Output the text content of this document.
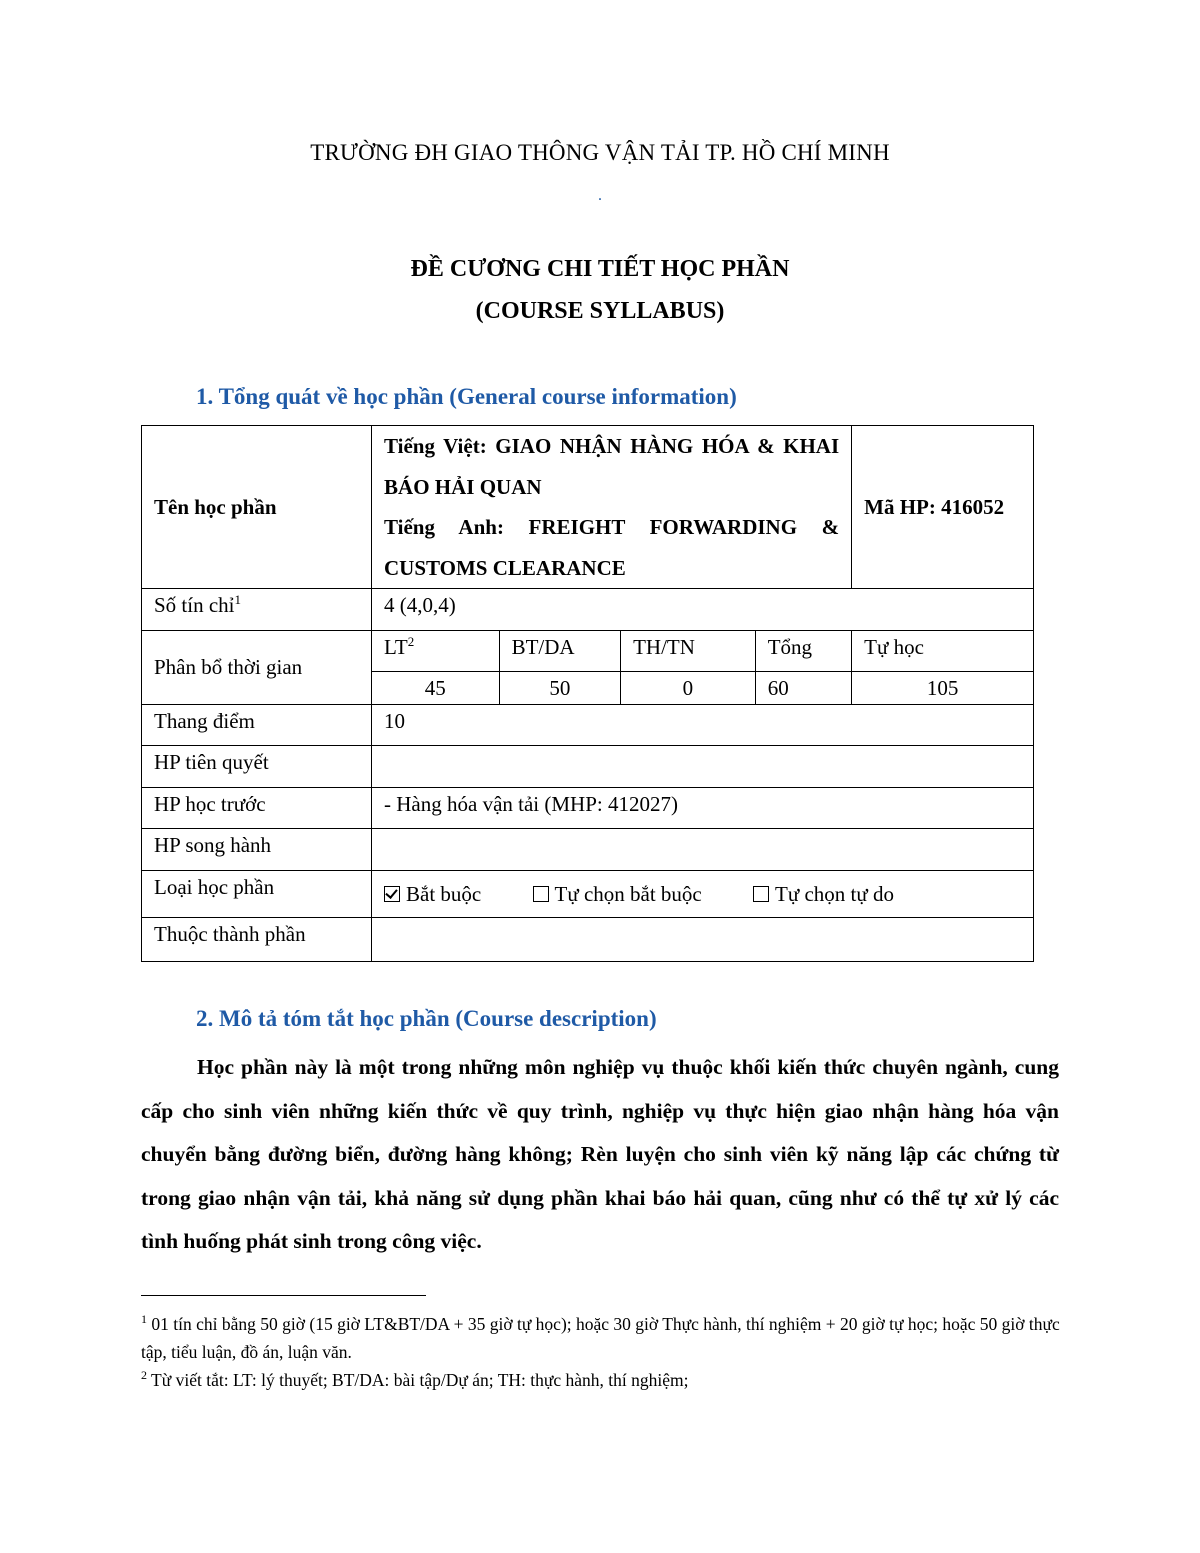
TRƯỜNG ĐH GIAO THÔNG VẬN TẢI TP. HỒ CHÍ MINH
.
ĐỀ CƯƠNG CHI TIẾT HỌC PHẦN
(COURSE SYLLABUS)
1. Tổng quát về học phần (General course information)
Tên học phần	Tiếng Việt: GIAO NHẬN HÀNG HÓA & KHAI BÁO HẢI QUAN
Tiếng Anh: FREIGHT FORWARDING & CUSTOMS CLEARANCE				Mã HP: 416052
Số tín chỉ$^1$	4 (4,0,4)				
Phân bổ thời gian	$LT^2$	BT/DA	TH/TN	Tổng	Tự học
	45	50	0	60	105
Thang điểm	10				
HP tiên quyết					
HP học trước	- Hàng hóa vận tải (MHP: 412027)				
HP song hành					
Loại học phần	Bắt buộc Tự chọn bắt buộc Tự chọn tự do				
Thuộc thành phần					
2. Mô tả tóm tắt học phần (Course description)
Học phần này là một trong những môn nghiệp vụ thuộc khối kiến thức chuyên ngành, cung cấp cho sinh viên những kiến thức về quy trình, nghiệp vụ thực hiện giao nhận hàng hóa vận chuyển bằng đường biển, đường hàng không; Rèn luyện cho sinh viên kỹ năng lập các chứng từ trong giao nhận vận tải, khả năng sử dụng phần khai báo hải quan, cũng như có thể tự xử lý các tình huống phát sinh trong công việc.

$^1$ 01 tín chỉ bằng 50 giờ (15 giờ LT&BT/DA + 35 giờ tự học); hoặc 30 giờ Thực hành, thí nghiệm + 20 giờ tự học; hoặc 50 giờ thực tập, tiểu luận, đồ án, luận văn.

$^2$ Từ viết tắt: LT: lý thuyết; BT/DA: bài tập/Dự án; TH: thực hành, thí nghiệm;
